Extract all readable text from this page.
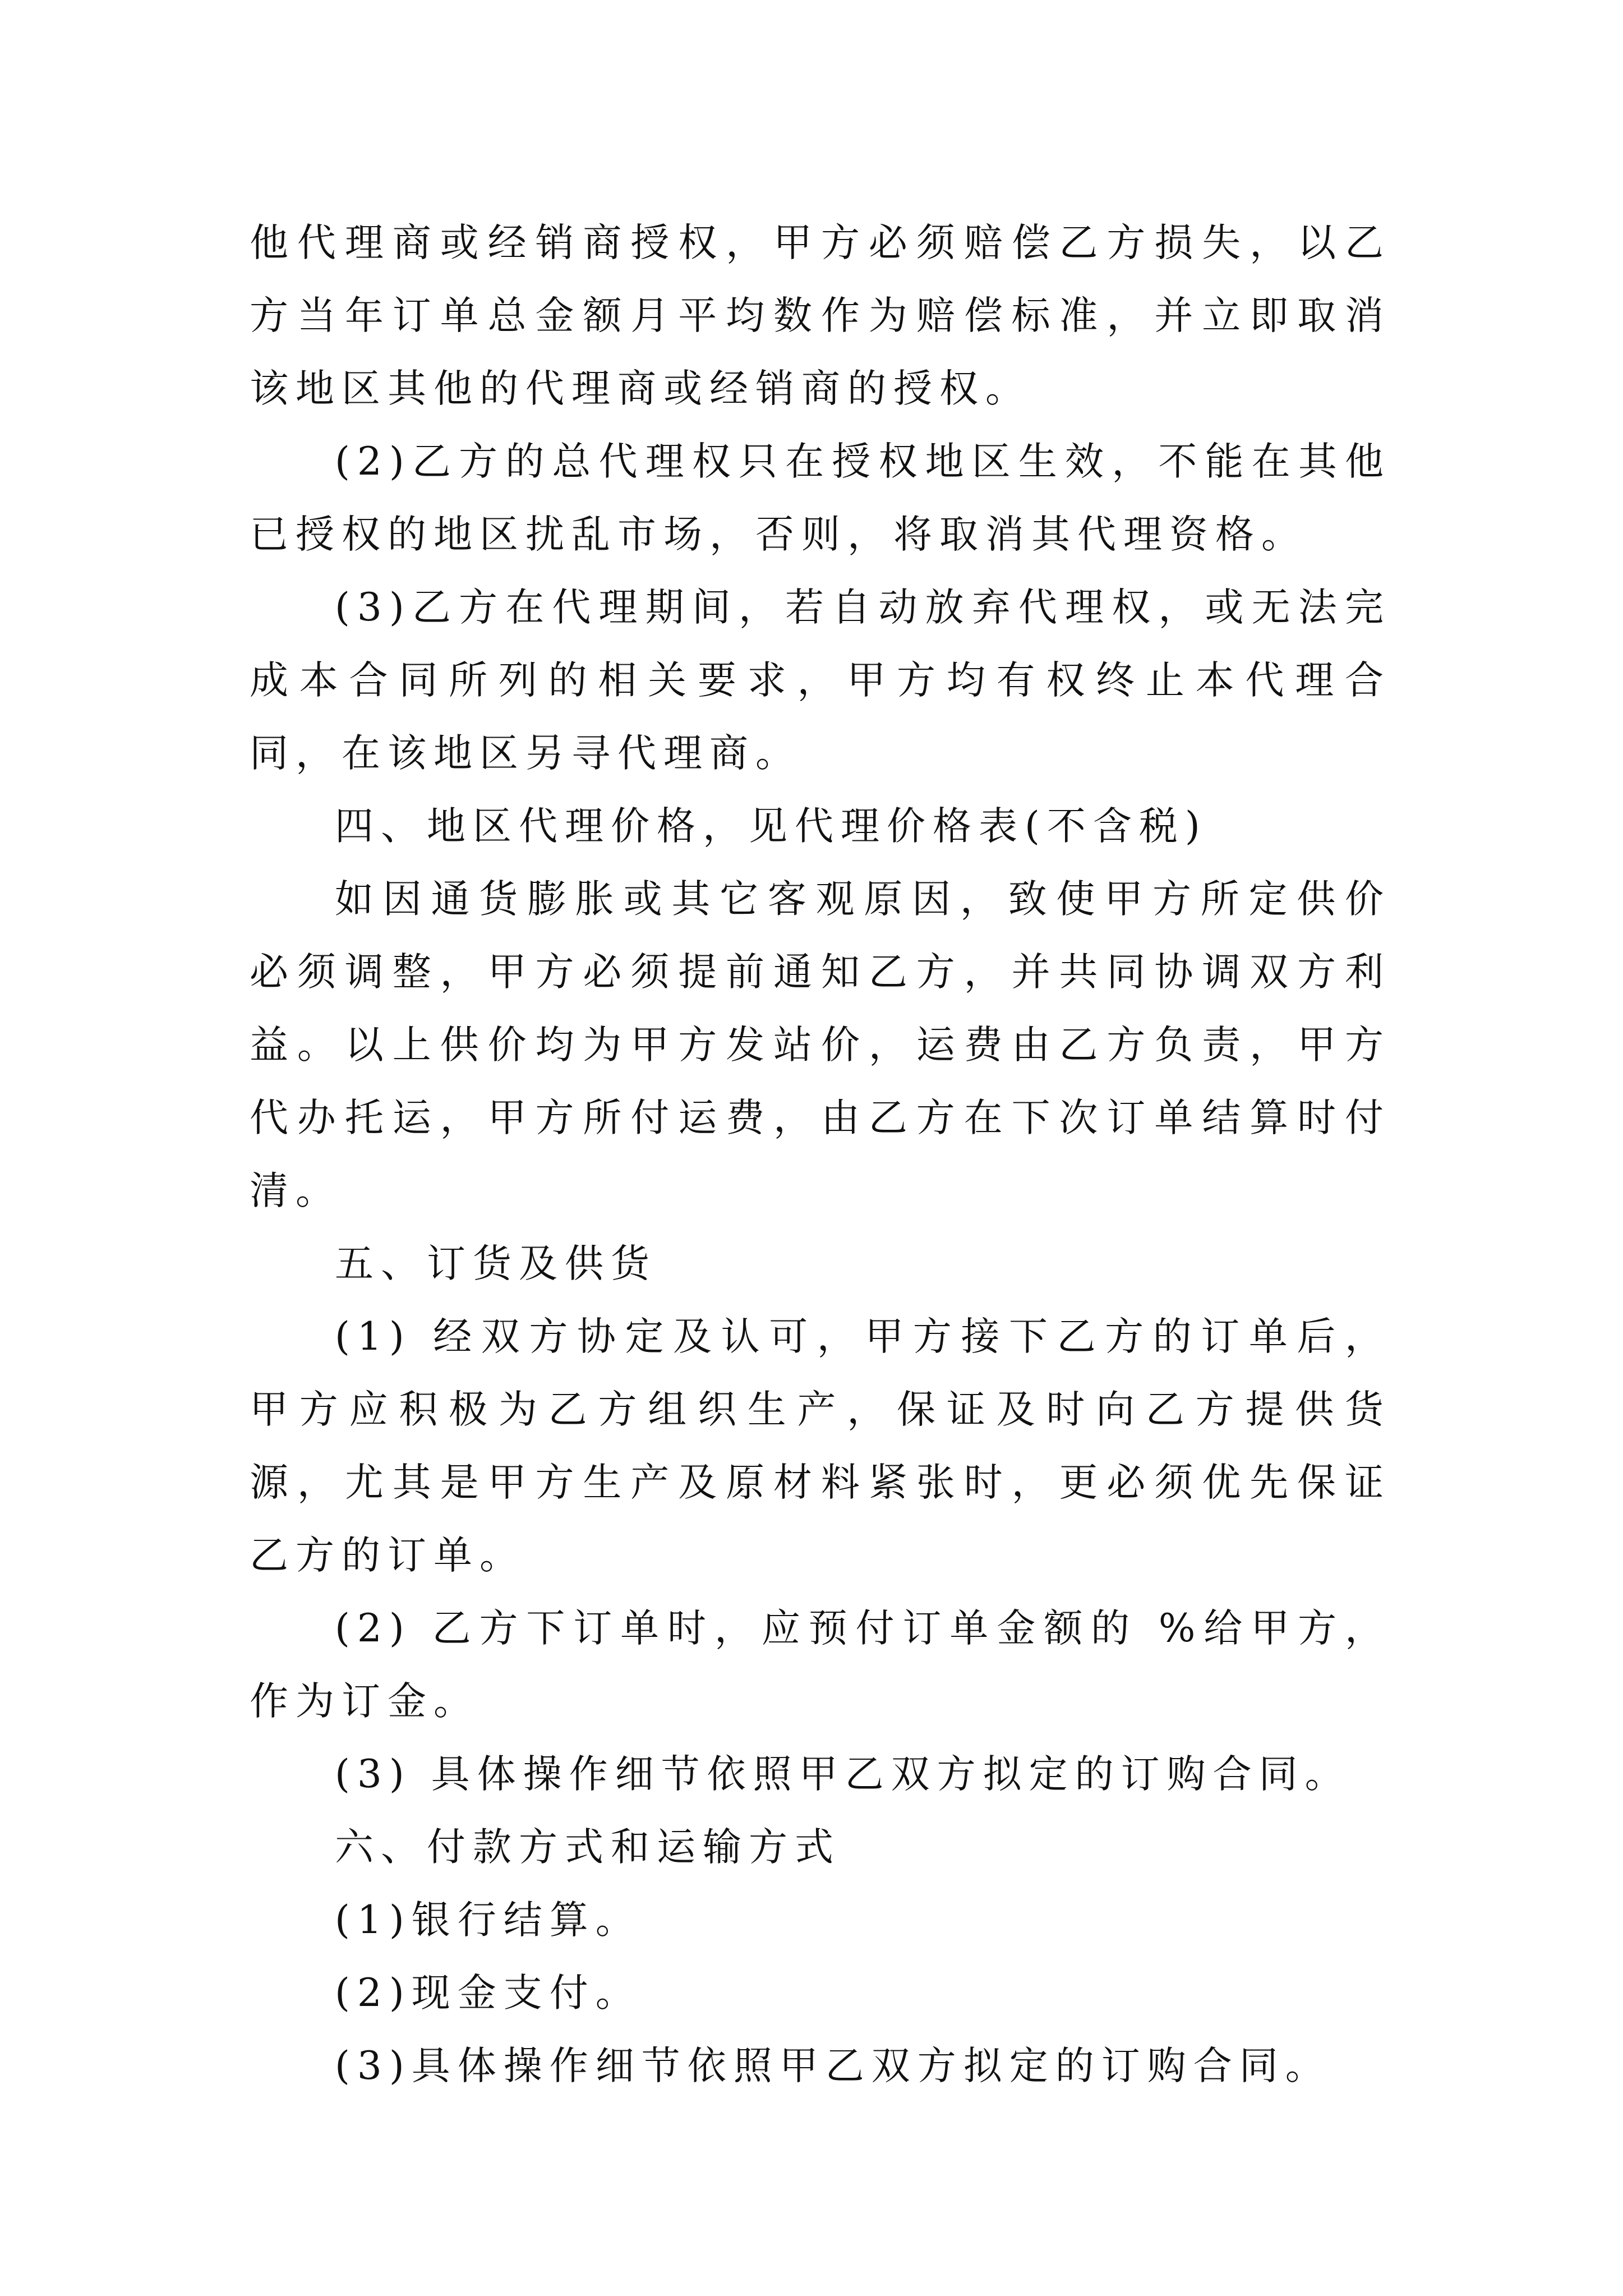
他代理商或经销商授权，甲方必须赔偿乙方损失，以乙方当年订单总金额月平均数作为赔偿标准，并立即取消该地区其他的代理商或经销商的授权。

(2)乙方的总代理权只在授权地区生效，不能在其他已授权的地区扰乱市场，否则，将取消其代理资格。

(3)乙方在代理期间，若自动放弃代理权，或无法完成本合同所列的相关要求，甲方均有权终止本代理合同，在该地区另寻代理商。

四、地区代理价格，见代理价格表(不含税)

如因通货膨胀或其它客观原因，致使甲方所定供价必须调整，甲方必须提前通知乙方，并共同协调双方利益。以上供价均为甲方发站价，运费由乙方负责，甲方代办托运，甲方所付运费，由乙方在下次订单结算时付清。

五、订货及供货

(1) 经双方协定及认可，甲方接下乙方的订单后，甲方应积极为乙方组织生产，保证及时向乙方提供货源，尤其是甲方生产及原材料紧张时，更必须优先保证乙方的订单。

(2) 乙方下订单时，应预付订单金额的 %给甲方，作为订金。

(3) 具体操作细节依照甲乙双方拟定的订购合同。

六、付款方式和运输方式

(1)银行结算。

(2)现金支付。

(3)具体操作细节依照甲乙双方拟定的订购合同。
